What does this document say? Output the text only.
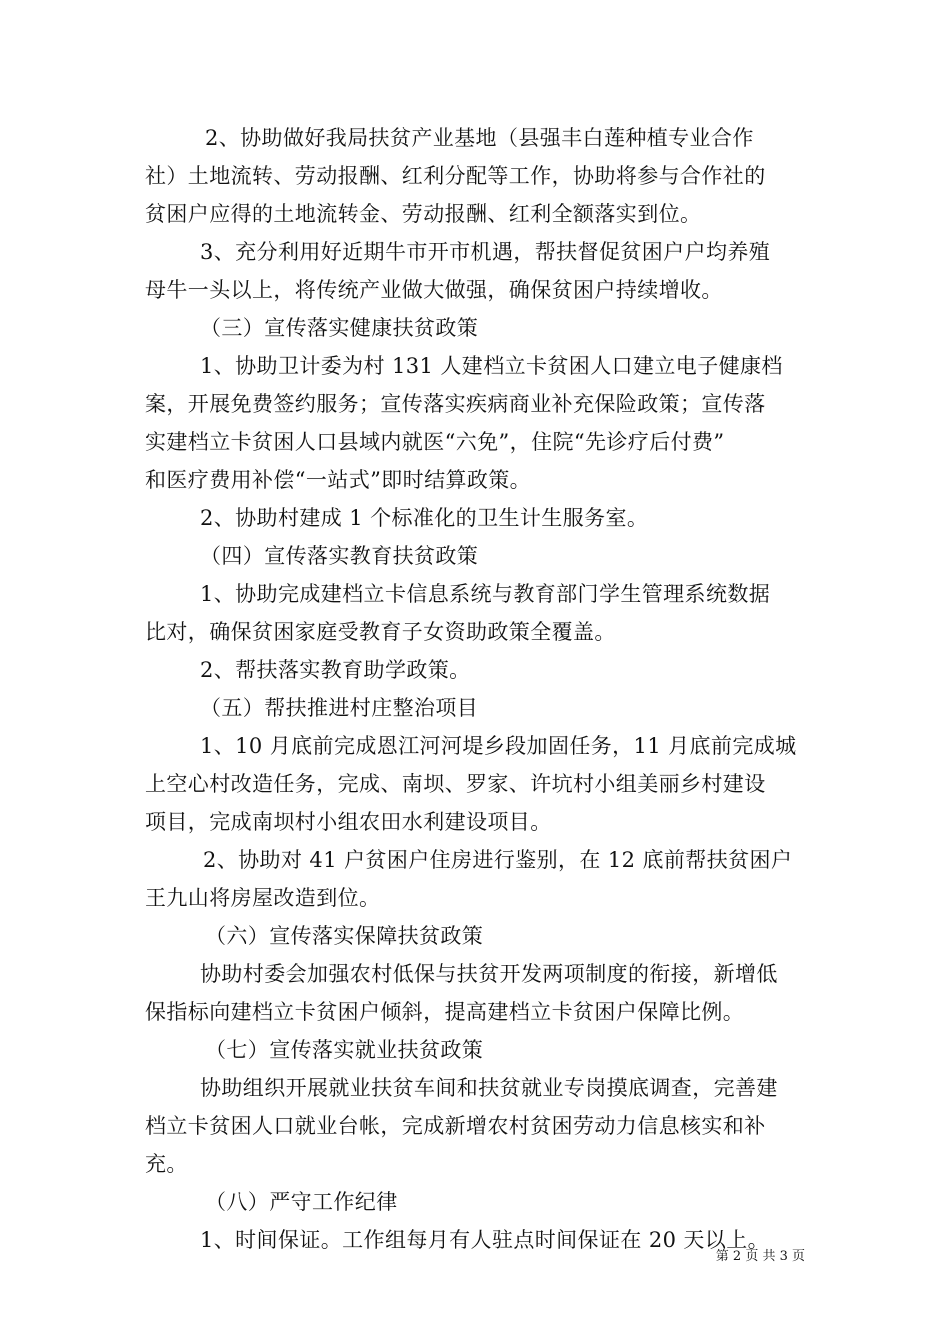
2、协助做好我局扶贫产业基地（县强丰白莲种植专业合作
社）土地流转、劳动报酬、红利分配等工作，协助将参与合作社的
贫困户应得的土地流转金、劳动报酬、红利全额落实到位。
3、充分利用好近期牛市开市机遇，帮扶督促贫困户户均养殖
母牛一头以上，将传统产业做大做强，确保贫困户持续增收。
（三）宣传落实健康扶贫政策
1、协助卫计委为村 131 人建档立卡贫困人口建立电子健康档
案，开展免费签约服务；宣传落实疾病商业补充保险政策；宣传落
实建档立卡贫困人口县域内就医“六免”，住院“先诊疗后付费”
和医疗费用补偿“一站式”即时结算政策。
2、协助村建成 1 个标准化的卫生计生服务室。
（四）宣传落实教育扶贫政策
1、协助完成建档立卡信息系统与教育部门学生管理系统数据
比对，确保贫困家庭受教育子女资助政策全覆盖。
2、帮扶落实教育助学政策。
（五）帮扶推进村庄整治项目
1、10 月底前完成恩江河河堤乡段加固任务，11 月底前完成城
上空心村改造任务，完成、南坝、罗家、许坑村小组美丽乡村建设
项目，完成南坝村小组农田水利建设项目。
2、协助对 41 户贫困户住房进行鉴别，在 12 底前帮扶贫困户
王九山将房屋改造到位。
（六）宣传落实保障扶贫政策
协助村委会加强农村低保与扶贫开发两项制度的衔接，新增低
保指标向建档立卡贫困户倾斜，提高建档立卡贫困户保障比例。
（七）宣传落实就业扶贫政策
协助组织开展就业扶贫车间和扶贫就业专岗摸底调查，完善建
档立卡贫困人口就业台帐，完成新增农村贫困劳动力信息核实和补
充。
（八）严守工作纪律
1、时间保证。工作组每月有人驻点时间保证在 20 天以上。
第 2 页 共 3 页
